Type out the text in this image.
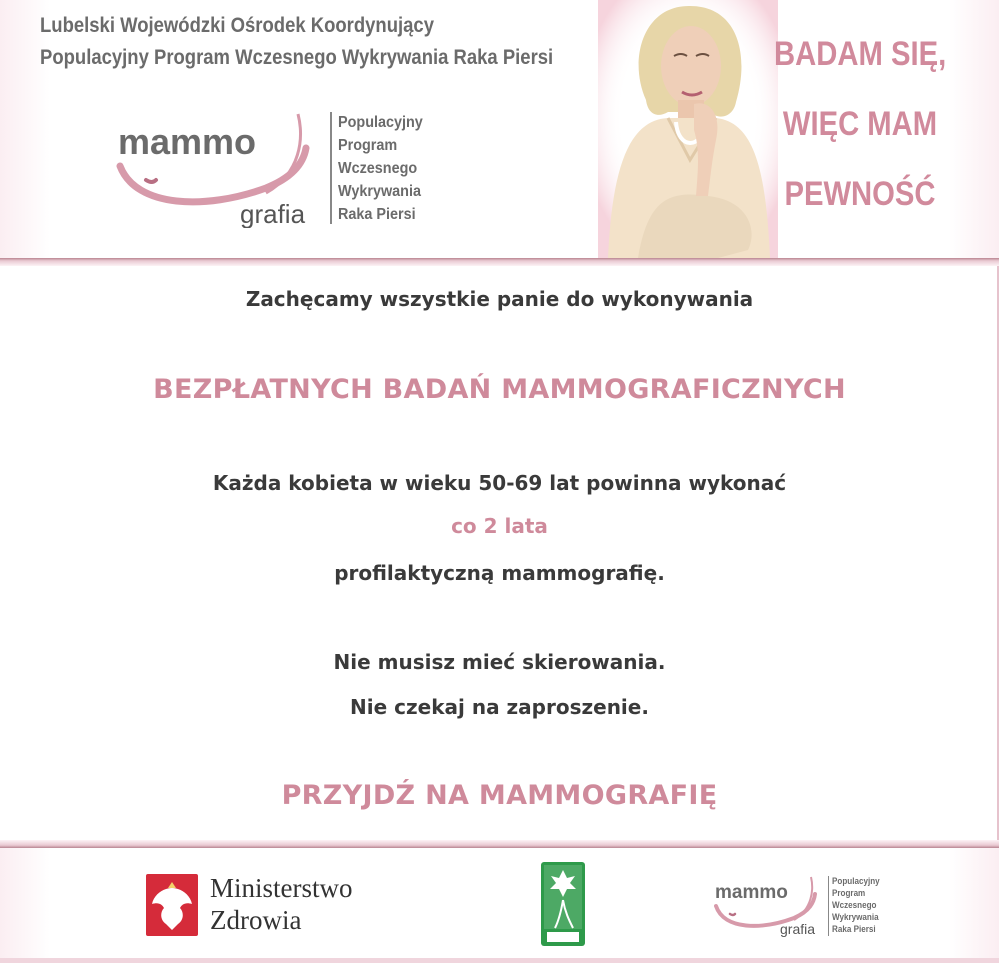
Lubelski Wojewódzki Ośrodek Koordynujący
Populacyjny Program Wczesnego Wykrywania Raka Piersi
mammo
grafia
Populacyjny
Program
Wczesnego
Wykrywania
Raka Piersi
BADAM SIĘ,
WIĘC MAM
PEWNOŚĆ
Zachęcamy wszystkie panie do wykonywania
BEZPŁATNYCH BADAŃ MAMMOGRAFICZNYCH
Każda kobieta w wieku 50-69 lat powinna wykonać
co 2 lata
profilaktyczną mammografię.
Nie musisz mieć skierowania.
Nie czekaj na zaproszenie.
PRZYJDŹ NA MAMMOGRAFIĘ
Ministerstwo
Zdrowia
mammo
grafia
Populacyjny
Program
Wczesnego
Wykrywania
Raka Piersi
